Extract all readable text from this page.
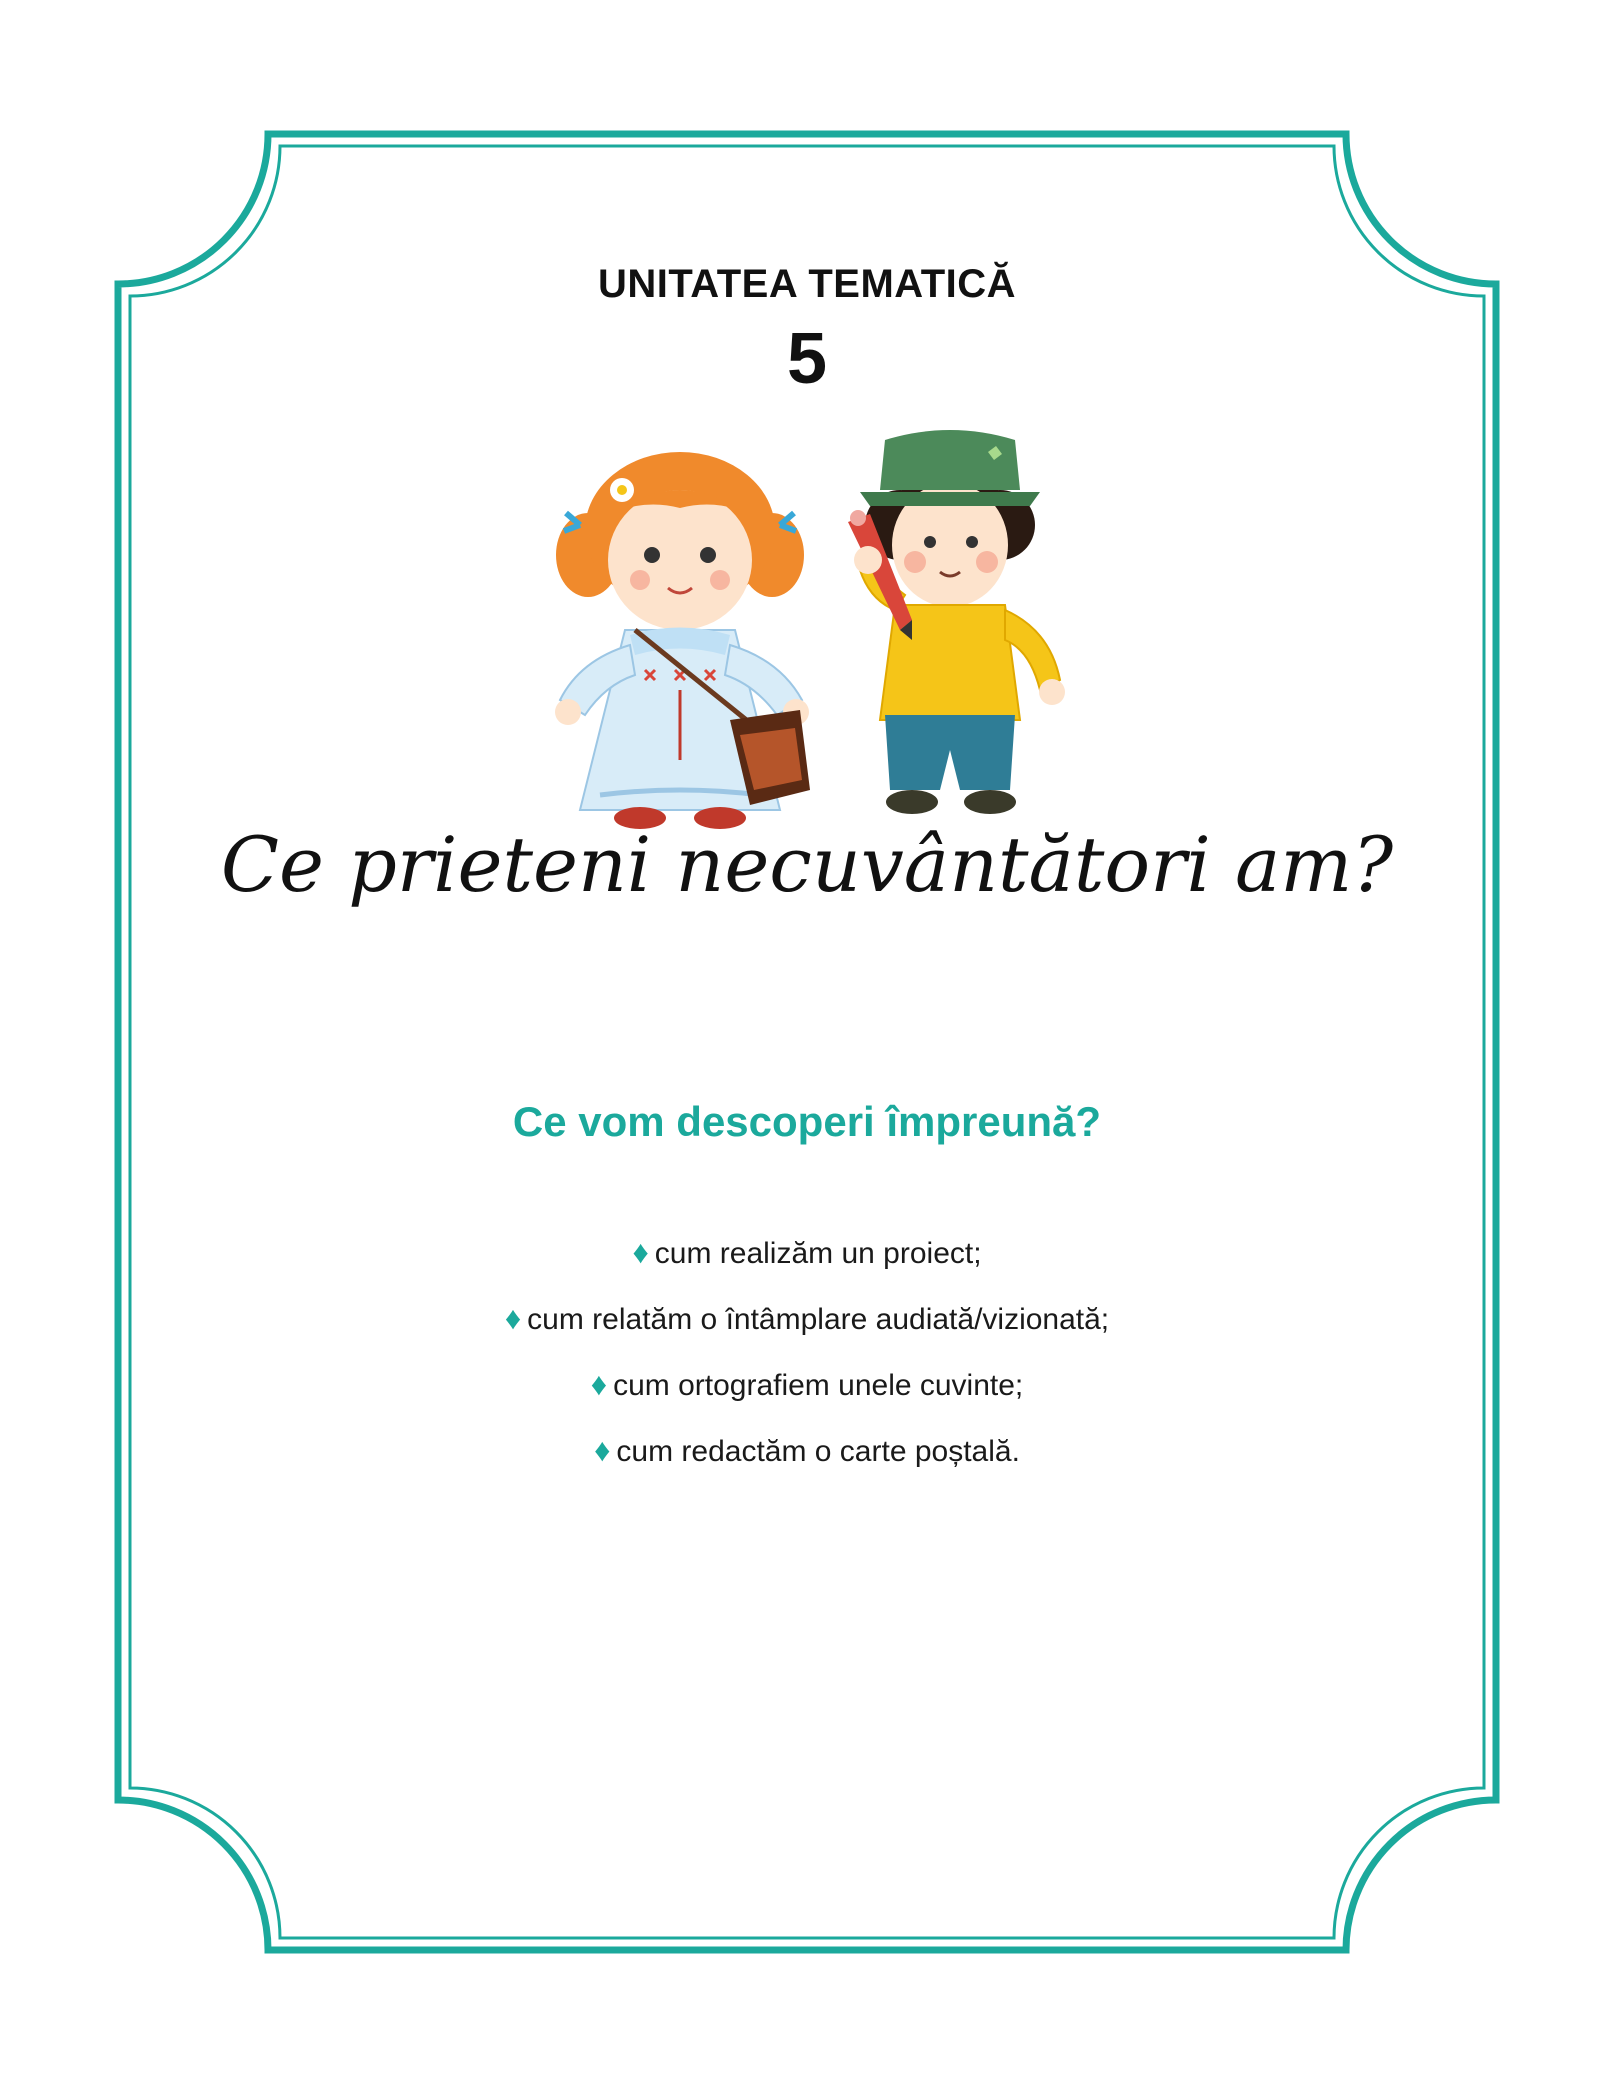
UNITATEA TEMATICĂ
5
Ce prieteni necuvântători am?
Ce vom descoperi împreună?
♦ cum realizăm un proiect;
♦ cum relatăm o întâmplare audiată/vizionată;
♦ cum ortografiem unele cuvinte;
♦ cum redactăm o carte poștală.
